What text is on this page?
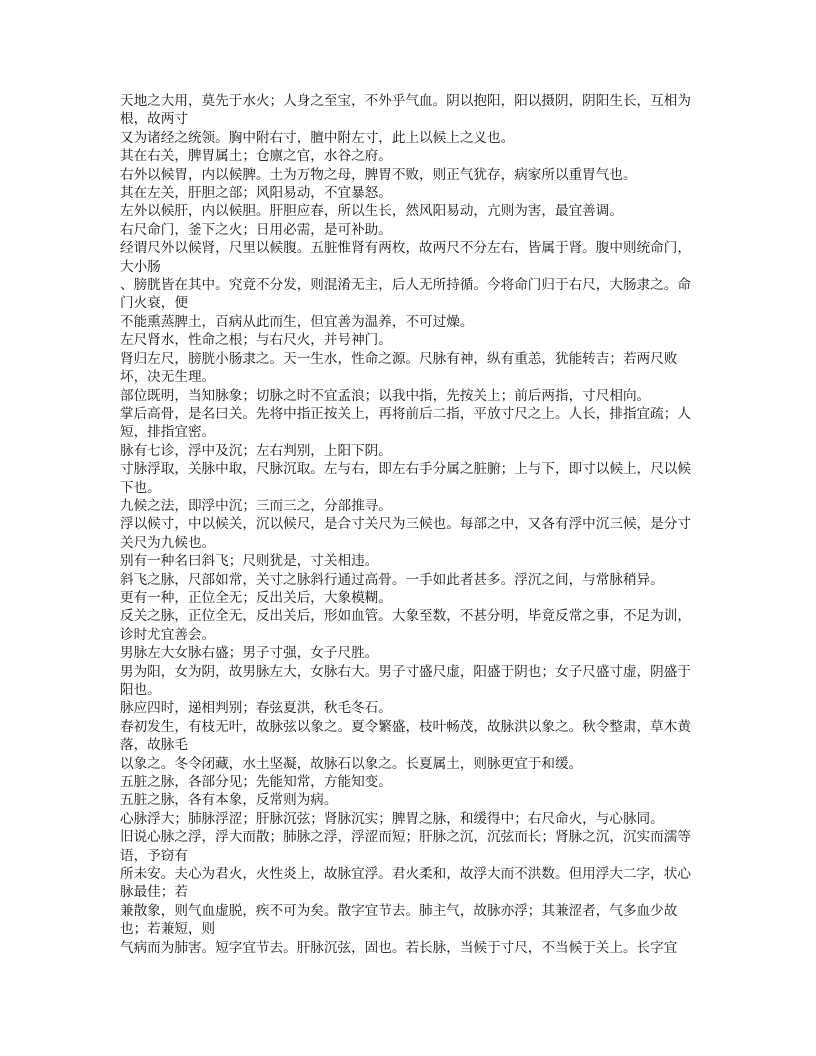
天地之大用，莫先于水火；人身之至宝，不外乎气血。阴以抱阳，阳以摄阴，阴阳生长，互相为根，故两寸

又为诸经之统领。胸中附右寸，膻中附左寸，此上以候上之义也。

其在右关，脾胃属土；仓廪之官，水谷之府。

右外以候胃，内以候脾。土为万物之母，脾胃不败，则正气犹存，病家所以重胃气也。

其在左关，肝胆之部；风阳易动，不宜暴怒。

左外以候肝，内以候胆。肝胆应春，所以生长，然风阳易动，亢则为害，最宜善调。

右尺命门，釜下之火；日用必需，是可补助。

经谓尺外以候肾，尺里以候腹。五脏惟肾有两枚，故两尺不分左右，皆属于肾。腹中则统命门，大小肠

、膀胱皆在其中。究竟不分发，则混淆无主，后人无所持循。今将命门归于右尺，大肠隶之。命门火衰，便

不能熏蒸脾土，百病从此而生，但宜善为温养，不可过燥。

左尺肾水，性命之根；与右尺火，并号神门。

肾归左尺，膀胱小肠隶之。天一生水，性命之源。尺脉有神，纵有重恙，犹能转吉；若两尺败坏，决无生理。

部位既明，当知脉象；切脉之时不宜孟浪；以我中指，先按关上；前后两指，寸尺相向。

掌后高骨，是名曰关。先将中指正按关上，再将前后二指，平放寸尺之上。人长，排指宜疏；人短，排指宜密。

脉有七诊，浮中及沉；左右判别，上阳下阴。

寸脉浮取，关脉中取，尺脉沉取。左与右，即左右手分属之脏腑；上与下，即寸以候上，尺以候下也。

九候之法，即浮中沉；三而三之，分部推寻。

浮以候寸，中以候关，沉以候尺，是合寸关尺为三候也。每部之中，又各有浮中沉三候，是分寸关尺为九候也。

别有一种名曰斜飞；尺则犹是，寸关相违。

斜飞之脉，尺部如常，关寸之脉斜行通过高骨。一手如此者甚多。浮沉之间，与常脉稍异。

更有一种，正位全无；反出关后，大象模糊。

反关之脉，正位全无，反出关后，形如血管。大象至数，不甚分明，毕竟反常之事，不足为训，诊时尤宜善会。

男脉左大女脉右盛；男子寸强，女子尺胜。

男为阳，女为阴，故男脉左大，女脉右大。男子寸盛尺虚，阳盛于阴也；女子尺盛寸虚，阴盛于阳也。

脉应四时，递相判别；春弦夏洪，秋毛冬石。

春初发生，有枝无叶，故脉弦以象之。夏令繁盛，枝叶畅茂，故脉洪以象之。秋令整肃，草木黄落，故脉毛

以象之。冬令闭藏，水土坚凝，故脉石以象之。长夏属土，则脉更宜于和缓。

五脏之脉，各部分见；先能知常，方能知变。

五脏之脉，各有本象，反常则为病。

心脉浮大；肺脉浮涩；肝脉沉弦；肾脉沉实；脾胃之脉，和缓得中；右尺命火，与心脉同。

旧说心脉之浮，浮大而散；肺脉之浮，浮涩而短；肝脉之沉，沉弦而长；肾脉之沉，沉实而濡等语，予窃有

所未安。夫心为君火，火性炎上，故脉宜浮。君火柔和，故浮大而不洪数。但用浮大二字，状心脉最佳；若

兼散象，则气血虚脱，疾不可为矣。散字宜节去。肺主气，故脉亦浮；其兼涩者，气多血少故也；若兼短，则

气病而为肺害。短字宜节去。肝脉沉弦，固也。若长脉，当候于寸尺，不当候于关上。长字宜
